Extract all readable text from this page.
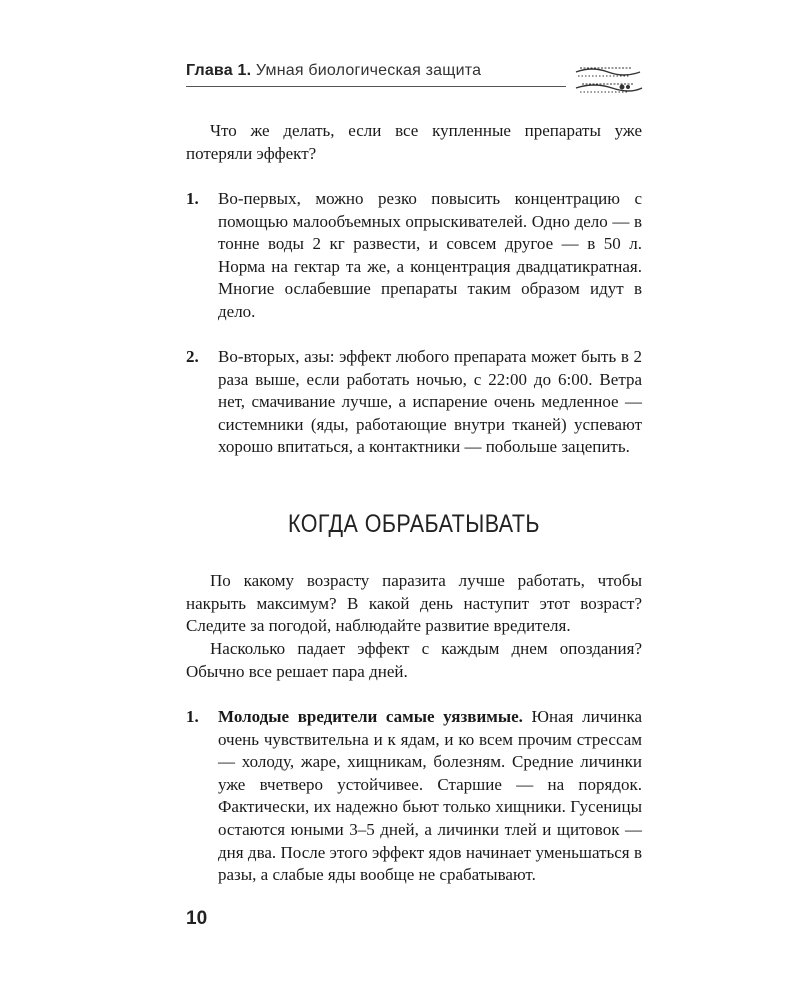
Глава 1. Умная биологическая защита
Что же делать, если все купленные препараты уже потеряли эффект?
1. Во-первых, можно резко повысить концентрацию с помощью малообъемных опрыскивателей. Одно дело — в тонне воды 2 кг развести, и совсем другое — в 50 л. Норма на гектар та же, а концентрация двадцатикратная. Многие ослабевшие препараты таким образом идут в дело.
2. Во-вторых, азы: эффект любого препарата может быть в 2 раза выше, если работать ночью, с 22:00 до 6:00. Ветра нет, смачивание лучше, а испарение очень медленное — системники (яды, работающие внутри тканей) успевают хорошо впитаться, а контактники — побольше зацепить.
КОГДА ОБРАБАТЫВАТЬ
По какому возрасту паразита лучше работать, чтобы накрыть максимум? В какой день наступит этот возраст? Следите за погодой, наблюдайте развитие вредителя.
Насколько падает эффект с каждым днем опоздания? Обычно все решает пара дней.
1. Молодые вредители самые уязвимые. Юная личинка очень чувствительна и к ядам, и ко всем прочим стрессам — холоду, жаре, хищникам, болезням. Средние личинки уже вчетверо устойчивее. Старшие — на порядок. Фактически, их надежно бьют только хищники. Гусеницы остаются юными 3–5 дней, а личинки тлей и щитовок — дня два. После этого эффект ядов начинает уменьшаться в разы, а слабые яды вообще не срабатывают.
10
